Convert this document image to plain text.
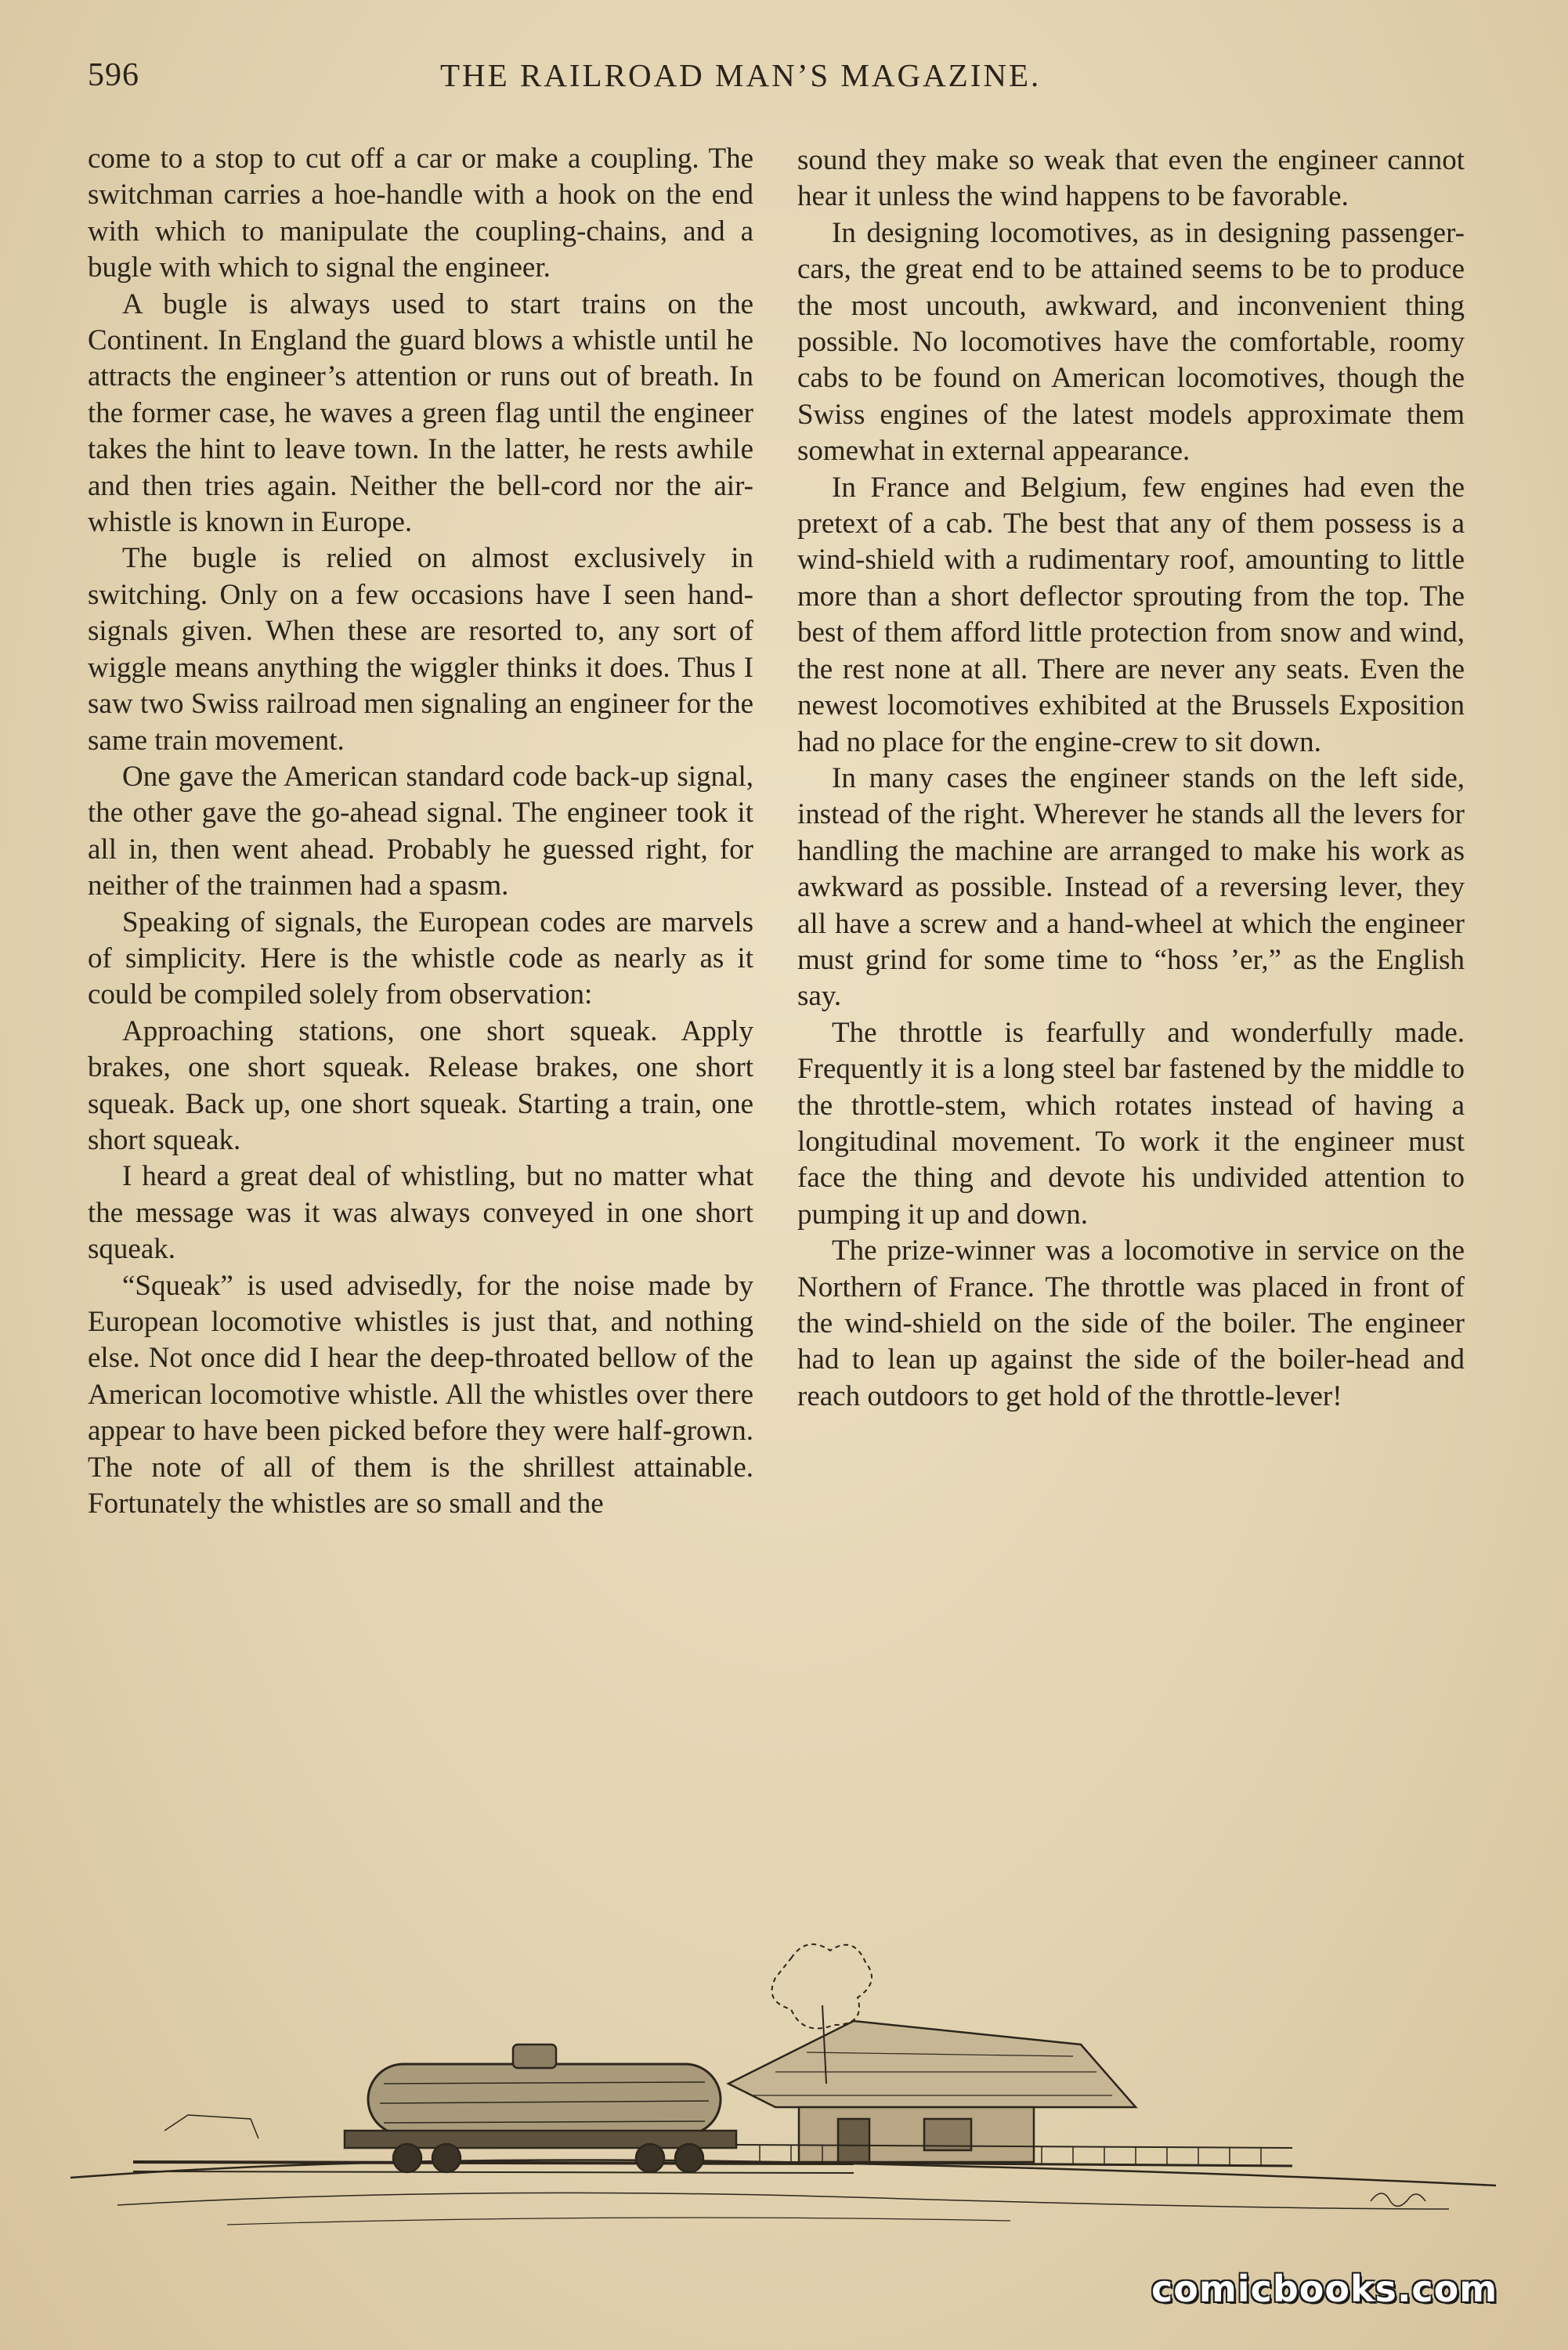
596	THE RAILROAD MAN’S MAGAZINE.

come to a stop to cut off a car or make a coupling. The switchman carries a hoe-handle with a hook on the end with which to manipulate the coupling-chains, and a bugle with which to signal the engineer.

A bugle is always used to start trains on the Continent. In England the guard blows a whistle until he attracts the engineer’s attention or runs out of breath. In the former case, he waves a green flag until the engineer takes the hint to leave town. In the latter, he rests awhile and then tries again. Neither the bell-cord nor the air-whistle is known in Europe.

The bugle is relied on almost exclusively in switching. Only on a few occasions have I seen hand-signals given. When these are resorted to, any sort of wiggle means anything the wiggler thinks it does. Thus I saw two Swiss railroad men signaling an engineer for the same train movement.

One gave the American standard code back-up signal, the other gave the go-ahead signal. The engineer took it all in, then went ahead. Probably he guessed right, for neither of the trainmen had a spasm.

Speaking of signals, the European codes are marvels of simplicity. Here is the whistle code as nearly as it could be compiled solely from observation:

Approaching stations, one short squeak. Apply brakes, one short squeak. Release brakes, one short squeak. Back up, one short squeak. Starting a train, one short squeak.

I heard a great deal of whistling, but no matter what the message was it was always conveyed in one short squeak.

“Squeak” is used advisedly, for the noise made by European locomotive whistles is just that, and nothing else. Not once did I hear the deep-throated bellow of the American locomotive whistle. All the whistles over there appear to have been picked before they were half-grown. The note of all of them is the shrillest attainable. Fortunately the whistles are so small and the

sound they make so weak that even the engineer cannot hear it unless the wind happens to be favorable.

In designing locomotives, as in designing passenger-cars, the great end to be attained seems to be to produce the most uncouth, awkward, and inconvenient thing possible. No locomotives have the comfortable, roomy cabs to be found on American locomotives, though the Swiss engines of the latest models approximate them somewhat in external appearance.

In France and Belgium, few engines had even the pretext of a cab. The best that any of them possess is a wind-shield with a rudimentary roof, amounting to little more than a short deflector sprouting from the top. The best of them afford little protection from snow and wind, the rest none at all. There are never any seats. Even the newest locomotives exhibited at the Brussels Exposition had no place for the engine-crew to sit down.

In many cases the engineer stands on the left side, instead of the right. Wherever he stands all the levers for handling the machine are arranged to make his work as awkward as possible. Instead of a reversing lever, they all have a screw and a hand-wheel at which the engineer must grind for some time to “hoss ’er,” as the English say.

The throttle is fearfully and wonderfully made. Frequently it is a long steel bar fastened by the middle to the throttle-stem, which rotates instead of having a longitudinal movement. To work it the engineer must face the thing and devote his undivided attention to pumping it up and down.

The prize-winner was a locomotive in service on the Northern of France. The throttle was placed in front of the wind-shield on the side of the boiler. The engineer had to lean up against the side of the boiler-head and reach outdoors to get hold of the throttle-lever!

comicbooks.com
